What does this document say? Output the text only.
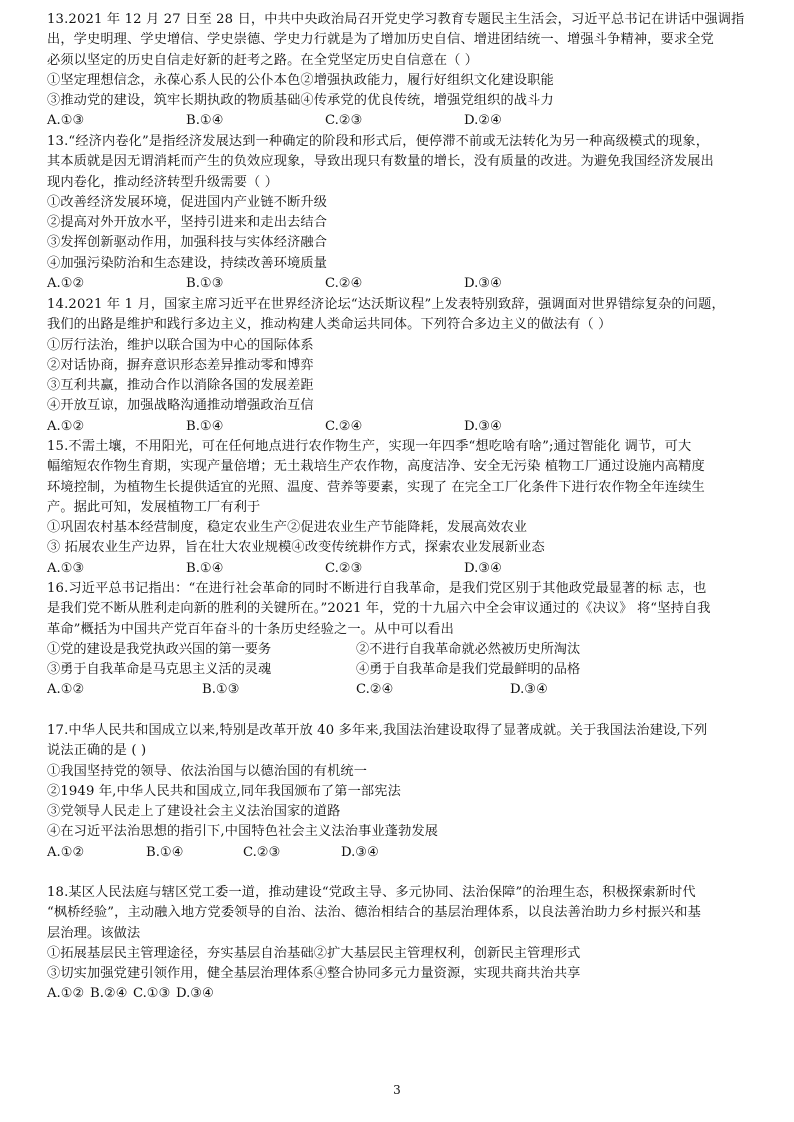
13.2021 年 12 月 27 日至 28 日，中共中央政治局召开党史学习教育专题民主生活会，习近平总书记在讲话中强调指
出，学史明理、学史增信、学史崇德、学史力行就是为了增加历史自信、增进团结统一、增强斗争精神，要求全党
必须以坚定的历史自信走好新的赶考之路。在全党坚定历史自信意在（ ）
①坚定理想信念，永葆心系人民的公仆本色②增强执政能力，履行好组织文化建设职能
③推动党的建设，筑牢长期执政的物质基础④传承党的优良传统，增强党组织的战斗力
A.①③	B.①④	C.②③	D.②④
13.“经济内卷化”是指经济发展达到一种确定的阶段和形式后，便停滞不前或无法转化为另一种高级模式的现象，
其本质就是因无谓消耗而产生的负效应现象，导致出现只有数量的增长，没有质量的改进。为避免我国经济发展出
现内卷化，推动经济转型升级需要（ ）
①改善经济发展环境，促进国内产业链不断升级
②提高对外开放水平，坚持引进来和走出去结合
③发挥创新驱动作用，加强科技与实体经济融合
④加强污染防治和生态建设，持续改善环境质量
A.①②	B.①③	C.②④	D.③④
14.2021 年 1 月，国家主席习近平在世界经济论坛“达沃斯议程”上发表特别致辞，强调面对世界错综复杂的问题，
我们的出路是维护和践行多边主义，推动构建人类命运共同体。下列符合多边主义的做法有（ ）
①厉行法治，维护以联合国为中心的国际体系
②对话协商，摒弃意识形态差异推动零和博弈
③互利共赢，推动合作以消除各国的发展差距
④开放互谅，加强战略沟通推动增强政治互信
A.①②	B.①④	C.②④	D.③④
15.不需土壤，不用阳光，可在任何地点进行农作物生产，实现一年四季“想吃啥有啥”;通过智能化 调节，可大
幅缩短农作物生育期，实现产量倍增；无土栽培生产农作物，高度洁净、安全无污染 植物工厂通过设施内高精度
环境控制，为植物生长提供适宜的光照、温度、营养等要素，实现了 在完全工厂化条件下进行农作物全年连续生
产。据此可知，发展植物工厂有利于
①巩固农村基本经营制度，稳定农业生产②促进农业生产节能降耗，发展高效农业
③ 拓展农业生产边界，旨在壮大农业规模④改变传统耕作方式，探索农业发展新业态
A.①③	B.①④	C.②③	D.③④
16.习近平总书记指出：“在进行社会革命的同时不断进行自我革命，是我们党区别于其他政党最显著的标 志，也
是我们党不断从胜利走向新的胜利的关键所在。”2021 年，党的十九届六中全会审议通过的《决议》 将“坚持自我
革命”概括为中国共产党百年奋斗的十条历史经验之一。从中可以看出
①党的建设是我党执政兴国的第一要务	②不进行自我革命就必然被历史所淘汰
③勇于自我革命是马克思主义活的灵魂	④勇于自我革命是我们党最鲜明的品格
A.①②	B.①③	C.②④	D.③④
17.中华人民共和国成立以来,特别是改革开放 40 多年来,我国法治建设取得了显著成就。关于我国法治建设,下列
说法正确的是 ( )
①我国坚持党的领导、依法治国与以德治国的有机统一
②1949 年,中华人民共和国成立,同年我国颁布了第一部宪法
③党领导人民走上了建设社会主义法治国家的道路
④在习近平法治思想的指引下,中国特色社会主义法治事业蓬勃发展
A.①②	B.①④	C.②③	D.③④
18.某区人民法庭与辖区党工委一道，推动建设“党政主导、多元协同、法治保障”的治理生态，积极探索新时代
“枫桥经验”，主动融入地方党委领导的自治、法治、德治相结合的基层治理体系，以良法善治助力乡村振兴和基
层治理。该做法
①拓展基层民主管理途径，夯实基层自治基础②扩大基层民主管理权利，创新民主管理形式
③切实加强党建引领作用，健全基层治理体系④整合协同多元力量资源，实现共商共治共享
A.①② B.②④ C.①③ D.③④
3
